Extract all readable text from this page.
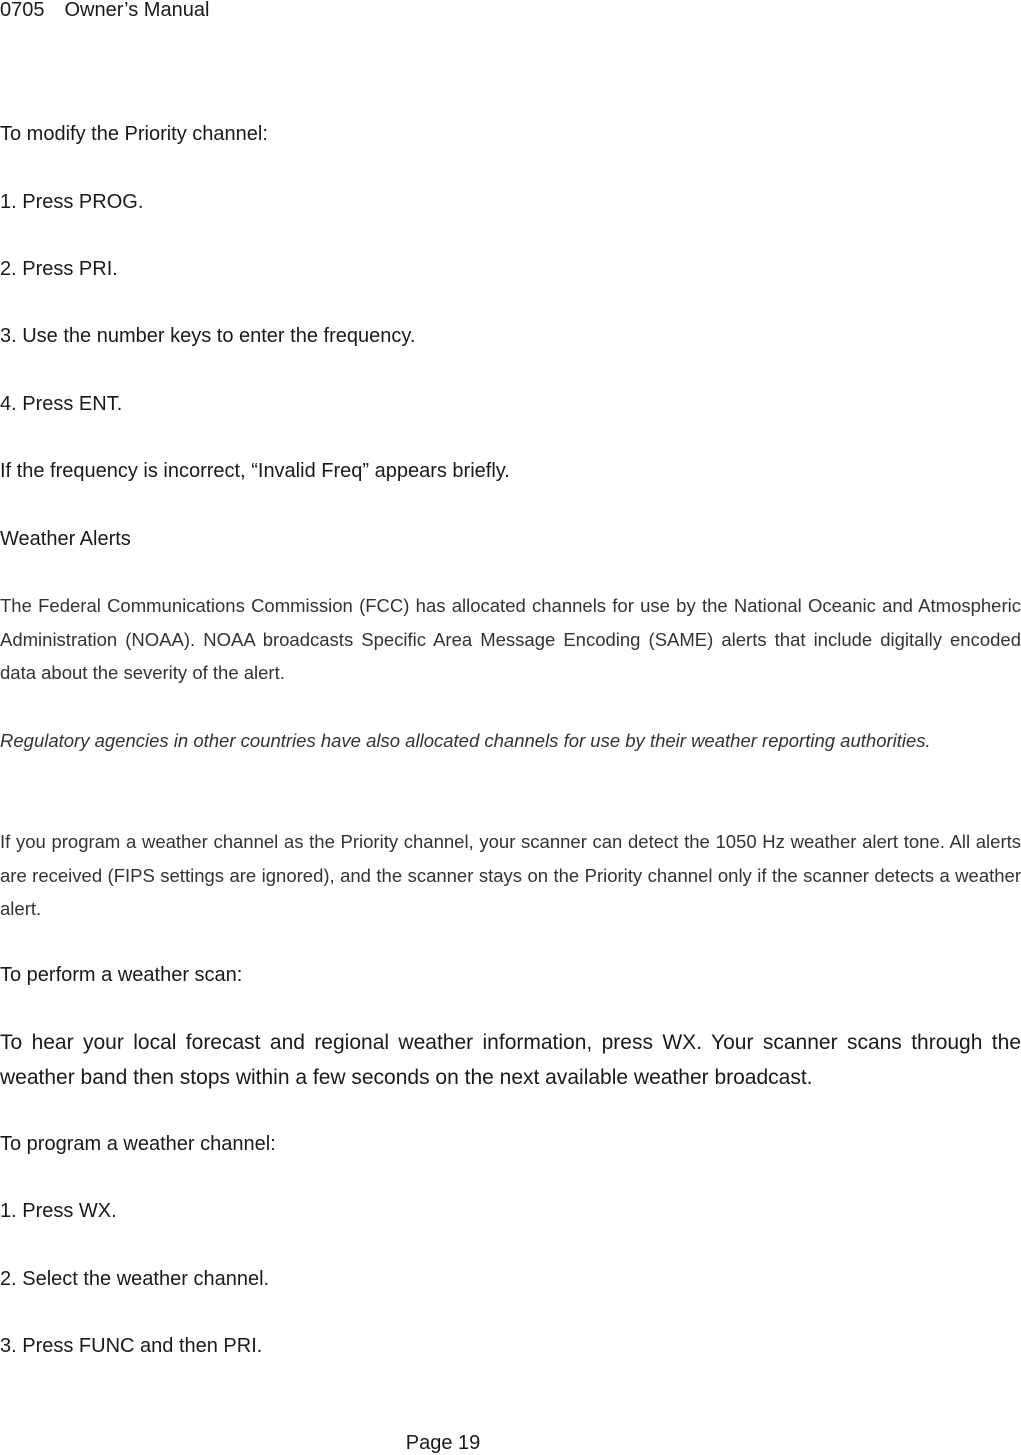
0705 Owner’s Manual

To modify the Priority channel:

1. Press PROG.

2. Press PRI.

3. Use the number keys to enter the frequency.

4. Press ENT.

If the frequency is incorrect, “Invalid Freq” appears briefly.

Weather Alerts

The Federal Communications Commission (FCC) has allocated channels for use by the National Oceanic and Atmospheric Administration (NOAA). NOAA broadcasts Specific Area Message Encoding (SAME) alerts that include digitally encoded data about the severity of the alert.

Regulatory agencies in other countries have also allocated channels for use by their weather reporting authorities.

If you program a weather channel as the Priority channel, your scanner can detect the 1050 Hz weather alert tone. All alerts are received (FIPS settings are ignored), and the scanner stays on the Priority channel only if the scanner detects a weather alert.

To perform a weather scan:

To hear your local forecast and regional weather information, press WX. Your scanner scans through the weather band then stops within a few seconds on the next available weather broadcast.

To program a weather channel:

1. Press WX.

2. Select the weather channel.

3. Press FUNC and then PRI.

Page 19
